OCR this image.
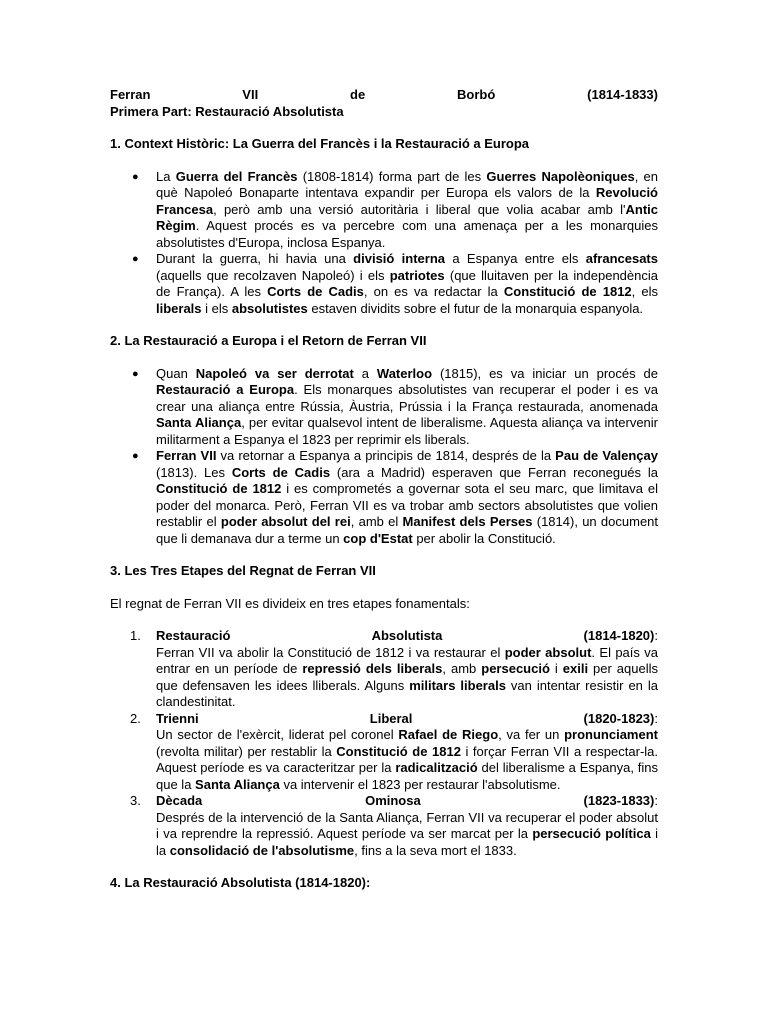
Ferran	VII	de	Borbó	(1814-1833)
Primera Part: Restauració Absolutista
1. Context Històric: La Guerra del Francès i la Restauració a Europa
● La Guerra del Francès (1808-1814) forma part de les Guerres Napolèoniques, en què Napoleó Bonaparte intentava expandir per Europa els valors de la Revolució Francesa, però amb una versió autoritària i liberal que volia acabar amb l'Antic Règim. Aquest procés es va percebre com una amenaça per a les monarquies absolutistes d'Europa, inclosa Espanya.
● Durant la guerra, hi havia una divisió interna a Espanya entre els afrancesats (aquells que recolzaven Napoleó) i els patriotes (que lluitaven per la independència de França). A les Corts de Cadis, on es va redactar la Constitució de 1812, els liberals i els absolutistes estaven dividits sobre el futur de la monarquia espanyola.
2. La Restauració a Europa i el Retorn de Ferran VII
● Quan Napoleó va ser derrotat a Waterloo (1815), es va iniciar un procés de Restauració a Europa. Els monarques absolutistes van recuperar el poder i es va crear una aliança entre Rússia, Àustria, Prússia i la França restaurada, anomenada Santa Aliança, per evitar qualsevol intent de liberalisme. Aquesta aliança va intervenir militarment a Espanya el 1823 per reprimir els liberals.
● Ferran VII va retornar a Espanya a principis de 1814, després de la Pau de Valençay (1813). Les Corts de Cadis (ara a Madrid) esperaven que Ferran reconegués la Constitució de 1812 i es comprometés a governar sota el seu marc, que limitava el poder del monarca. Però, Ferran VII es va trobar amb sectors absolutistes que volien restablir el poder absolut del rei, amb el Manifest dels Perses (1814), un document que li demanava dur a terme un cop d'Estat per abolir la Constitució.
3. Les Tres Etapes del Regnat de Ferran VII

El regnat de Ferran VII es divideix en tres etapes fonamentals:

1. Restauració	Absolutista	(1814-1820):
Ferran VII va abolir la Constitució de 1812 i va restaurar el poder absolut. El país va entrar en un període de repressió dels liberals, amb persecució i exili per aquells que defensaven les idees lliberals. Alguns militars liberals van intentar resistir en la clandestinitat.
2. Trienni	Liberal	(1820-1823):
Un sector de l'exèrcit, liderat pel coronel Rafael de Riego, va fer un pronunciament (revolta militar) per restablir la Constitució de 1812 i forçar Ferran VII a respectar-la. Aquest període es va caracteritzar per la radicalització del liberalisme a Espanya, fins que la Santa Aliança va intervenir el 1823 per restaurar l'absolutisme.
3. Dècada	Ominosa	(1823-1833):
Després de la intervenció de la Santa Aliança, Ferran VII va recuperar el poder absolut i va reprendre la repressió. Aquest període va ser marcat per la persecució política i la consolidació de l'absolutisme, fins a la seva mort el 1833.
4. La Restauració Absolutista (1814-1820):
